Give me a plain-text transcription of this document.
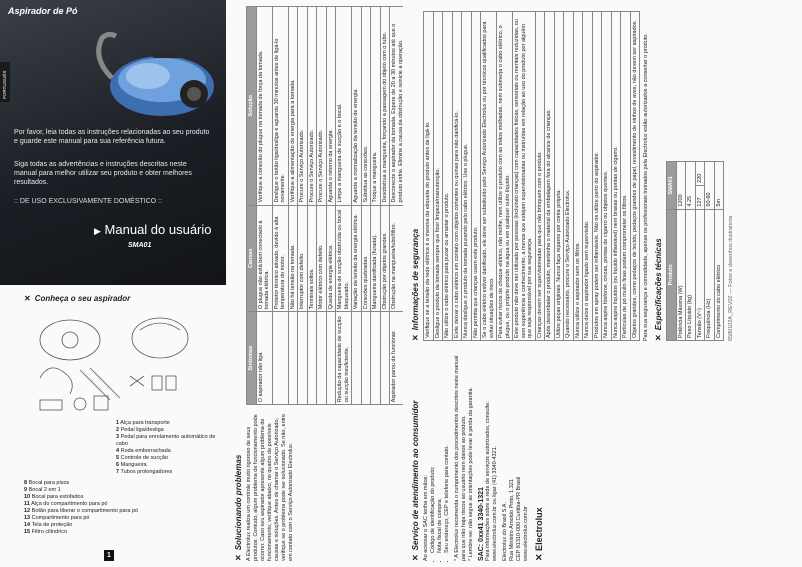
Aspirador de Pó
PORTUGUÊS
Por favor, leia todas as instruções relacionadas ao seu produto e guarde este manual para sua referência futura.
Siga todas as advertências e instruções descritas neste manual para melhor utilizar seu produto e obter melhores resultados.
:: DE USO EXCLUSIVAMENTE DOMÉSTICO ::
▶ Manual do usuário
SMA01
✕ Conheça o seu aspirador
1 Alça para transporte
2 Pedal liga/desliga
3 Pedal para enrolamento automático de cabo
4 Roda emborrachada
5 Controle de sucção
6 Mangueira
7 Tubos prolongadores
8 Bocal para pisos
9 Bocal 2 em 1
10 Bocal para estofados
11 Alça do compartimento para pó
12 Botão para liberar o compartimento para pó
13 Compartimento para pó
14 Tela de proteção
15 Filtro cilíndrico
1	✕Solucionando problemas A Electrolux realiza um controle muito rigoroso de seus produtos. Contudo, algum problema de funcionamento pode ocorrer. Caso seu aspirador apresente algum problema de funcionamento, verifique abaixo, no quadro de possíveis causas e soluções. Antes de chamar o Serviço Autorizado, verifique se o problema pode ser solucionado. Se não, entre em contato com o Serviço Autorizado Electrolux.
Sintomas	Causas	Solução
O aspirador não liga.	O plugue não está bem conectado à tomada elétrica.	Verifique a conexão do plugue na tomada de força da tomada.
	Protetor térmico ativado, devido à alta temperatura do motor.	Desligue o botão liga/desliga e aguarde 30 minutos antes de ligá-lo novamente.
	Não há tensão na tomada.	Verifique a alimentação de energia para a tomada.
	Interruptor com defeito.	Procure o Serviço Autorizado.
	Terminais soltos.	Procure o Serviço Autorizado.
	Motor elétrico com defeito.	Procure o Serviço Autorizado.
	Queda de energia elétrica.	Aguarde o retorno da energia.
Redução da capacidade de sucção ou sucção insuficiente.	Mangueira de sucção obstruída ou bocal bloqueado.	Limpe a mangueira de sucção e o bocal.
	Variação da tensão da energia elétrica.	Aguarde a normalização da tensão de energia.
	Conexões quebradas.	Substitua as conexões.
	Mangueira danificada (furada).	Troque a mangueira.
	Obstrução por objetos grandes.	Desobstrua a mangueira, forçando a passagem do objeto com o tubo.
Aspirador parou de funcionar.	Obstrução na mangueira/tubo/filtro.	Desconecte o aspirador da tomada. Espere de 20 a 30 minutos até que o produto esfrie. Elimine a causa da obstrução e reinicie a operação.
✕Serviço de atendimento ao consumidor Ao acessar o SAC tenha em mãos: • Código de identificação do produto; • Nota fiscal de compra; • Seu endereço, CEP e telefone para contato. * A Electrolux recomenda o cumprimento dos procedimentos descritos neste manual para que não haja riscos ao usuário nem danos ao produto. * Lembre-se: não segue as orientações pode levar à perda da garantia. SAC: 0xx41 3340-1321 Para informações sobre a rede de serviços autorizados, consulte: www.electrolux.com.br ou ligar (41) 3340-4321. Electrolux do Brasil S.A. Rua Ministro Arnoldo Pinto, 1.321 CEP 81310-000 Curitiba-PR Brasil www.electrolux.com.br ✕ Electrolux
✕Informações de segurança Verifique se a tensão da rede elétrica é a mesma da etiqueta do produto antes de ligá-lo.
Desligue o produto da tomada sempre que fizer limpeza/manutenção.
Não utilize o cabo elétrico para puxar ou arrastar o produto.
Evite deixar o cabo elétrico em contato com objetos cortantes ou quinas para não danificá-lo.
Nunca desligue o produto da tomada puxando pelo cabo elétrico. Use o plugue.
Não permita que crianças usem este produto.
Se o cabo elétrico estiver danificado, ele deve ser substituído pelo Serviço Autorizado Electrolux ou por técnicos qualificados para evitar situações de risco.
Para evitar riscos de choque elétrico, não molhe, nem utilize o produto com as mãos molhadas, nem submerja o cabo elétrico, o plugue, ou o próprio produto na água ou em qualquer outro líquido.
Este produto não deve ser utilizado por pessoas (incluindo crianças) com capacidades físicas, sensoriais ou mentais reduzidas, ou sem experiência e conhecimento, a menos que estejam supervisionadas ou instruídas em relação ao uso do produto por alguém que seja responsável por sua segurança.
Crianças devem ser supervisionadas para que não brinquem com o produto.
Após desembalar o produto, mantenha o material da embalagem fora do alcance de crianças.
Utilize peças originais. Nunca faça reparos por conta própria.
Quando necessário, procure o Serviço Autorizado Electrolux.
Nunca utilize o aspirador sem os filtros.
Nunca deixe o aspirador ligado sem supervisão.
Produtos em spray podem ser inflamáveis. Não os utilize perto do aspirador.
Nunca aspire fósforos, cinzas, pontas de cigarro ou objetos quentes.
Nunca aspire líquidos (ou líquido inflamável) nem brasas ou pontas de cigarro.
Partículas de pó muito finas podem comprometer os filtros.
Objetos grandes, como pedaços de tecido, pedaços grandes de papel, revestimento de ninhos de aves, não devem ser aspirados. Para sua segurança e comodidade, apenas os profissionais treinados pela Electrolux estão autorizados a consertar o produto. ✕Especificações técnicas Produto	SMA01	
Potência Máxima (W)	1200	
Peso Líquido (kg)	4.25	
Tensão (V~)	127	220
Frequência (Hz)	50-60	
Comprimento do cabo elétrico	5m	
6580102A_REV02 — Fotos e desenhos ilustrativos
